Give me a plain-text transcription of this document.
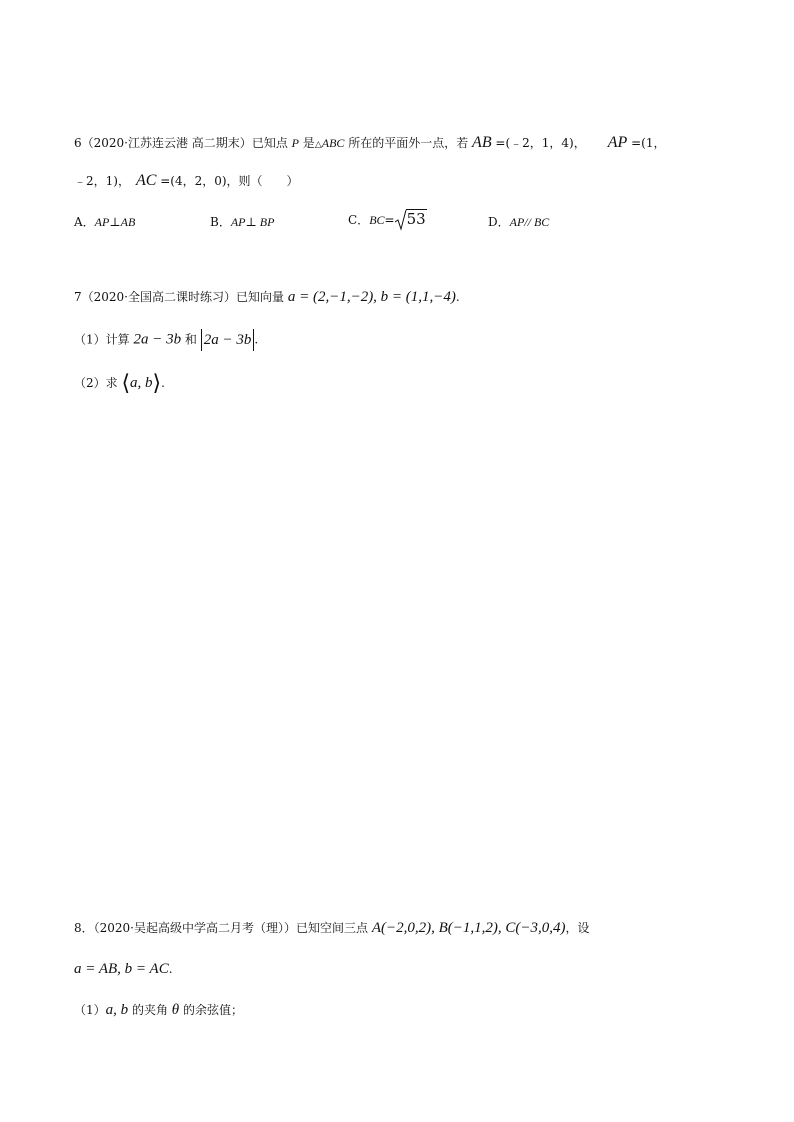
6（2020·江苏连云港 高二期末）已知点 P 是△ABC 所在的平面外一点，若 AB =(﹣2，1，4)， AP =(1，
﹣2，1)， AC =(4，2，0)，则（　　）
A．AP⊥AB	B．AP⊥ BP	C．BC= 53	D．AP// BC
7（2020·全国高二课时练习）已知向量 a = (2,−1,−2), b = (1,1,−4).
（1）计算 2a − 3b 和 2a − 3b .
（2）求 ⟨a, b⟩.
8．（2020·吴起高级中学高二月考（理））已知空间三点 A(−2,0,2), B(−1,1,2), C(−3,0,4)，设
a = AB, b = AC.
（1）a, b 的夹角 θ 的余弦值；
